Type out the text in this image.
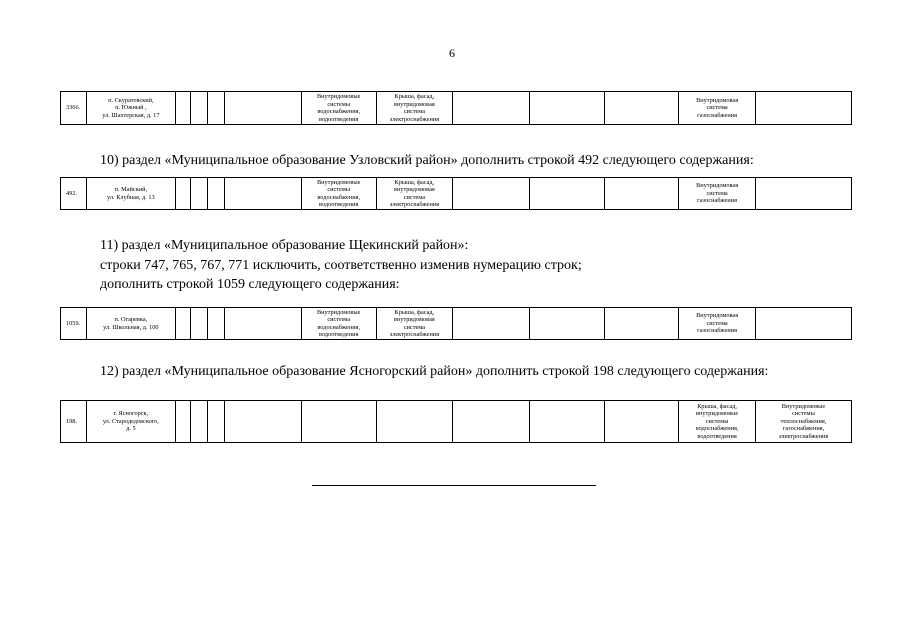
6
3366.	п. Скуратовский,
п. Южный ,
ул. Шахтерская, д. 17					Внутридомовые
системы
водоснабжения,
водоотведения	Крыша, фасад,
внутридомовая
система
электроснабжения				Внутридомовая
система
газоснабжения	
10) раздел «Муниципальное образование Узловский район» дополнить строкой 492 следующего содержания:
492.	п. Майский,
ул. Клубная, д. 13					Внутридомовые
системы
водоснабжения,
водоотведения	Крыша, фасад,
внутридомовая
система
электроснабжения				Внутридомовая
система
газоснабжения	
11) раздел «Муниципальное образование Щекинский район»:
строки 747, 765, 767, 771 исключить, соответственно изменив нумерацию строк;
дополнить строкой 1059 следующего содержания:
1059.	п. Огаревка,
ул. Школьная, д. 100					Внутридомовые
системы
водоснабжения,
водоотведения	Крыша, фасад,
внутридомовая
система
электроснабжения				Внутридомовая
система
газоснабжения	
12) раздел «Муниципальное образование Ясногорский район» дополнить строкой 198 следующего содержания:
198.	г. Ясногорск,
ул. Стародедовского,
д. 5										Крыша, фасад,
внутридомовые
системы
водоснабжения,
водоотведения	Внутридомовые
системы
теплоснабжения,
газоснабжения,
электроснабжения
